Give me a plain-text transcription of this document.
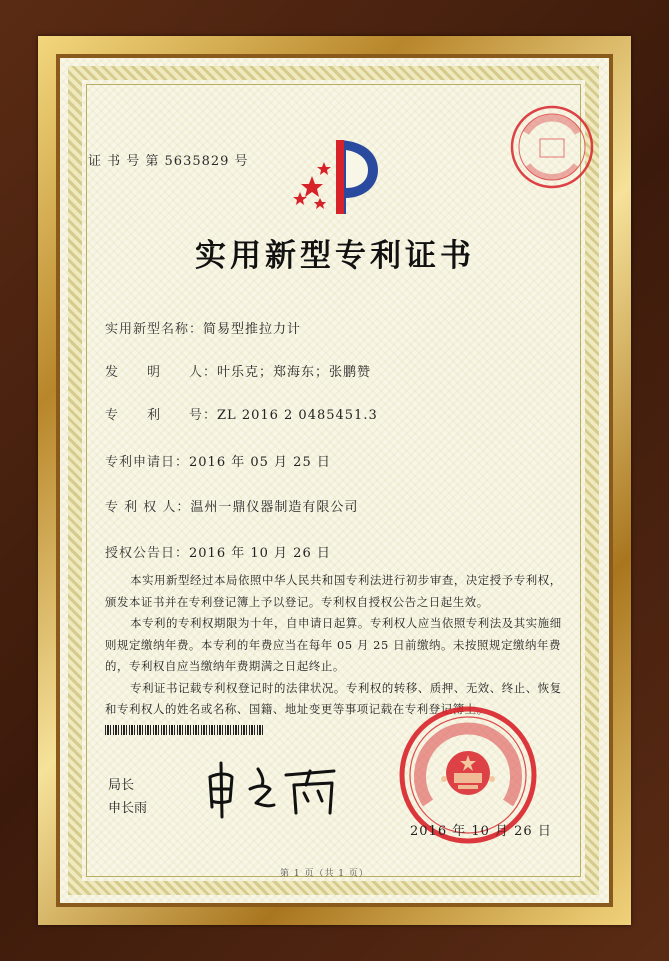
证 书 号 第 5635829 号
实用新型专利证书
实用新型名称：简易型推拉力计
发　　明　　人：叶乐克；郑海东；张鹏赞
专　　利　　号：ZL 2016 2 0485451.3
专利申请日：2016 年 05 月 25 日
专 利 权 人：温州一鼎仪器制造有限公司
授权公告日：2016 年 10 月 26 日

本实用新型经过本局依照中华人民共和国专利法进行初步审查，决定授予专利权，颁发本证书并在专利登记簿上予以登记。专利权自授权公告之日起生效。

本专利的专利权期限为十年，自申请日起算。专利权人应当依照专利法及其实施细则规定缴纳年费。本专利的年费应当在每年 05 月 25 日前缴纳。未按照规定缴纳年费的，专利权自应当缴纳年费期满之日起终止。

专利证书记载专利权登记时的法律状况。专利权的转移、质押、无效、终止、恢复和专利权人的姓名或名称、国籍、地址变更等事项记载在专利登记簿上。

局长
申长雨
2016 年 10 月 26 日
第 1 页（共 1 页）
